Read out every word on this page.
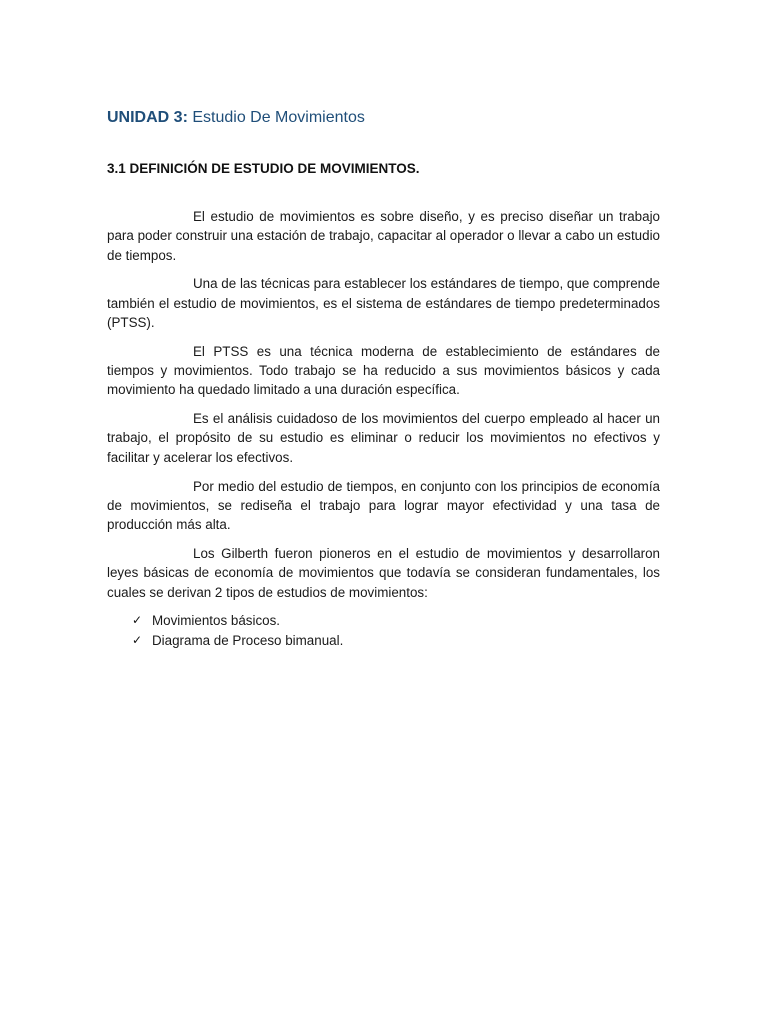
UNIDAD 3: Estudio De Movimientos
3.1 DEFINICIÓN DE ESTUDIO DE MOVIMIENTOS.

El estudio de movimientos es sobre diseño, y es preciso diseñar un trabajo para poder construir una estación de trabajo, capacitar al operador o llevar a cabo un estudio de tiempos.

Una de las técnicas para establecer los estándares de tiempo, que comprende también el estudio de movimientos, es el sistema de estándares de tiempo predeterminados (PTSS).

El PTSS es una técnica moderna de establecimiento de estándares de tiempos y movimientos. Todo trabajo se ha reducido a sus movimientos básicos y cada movimiento ha quedado limitado a una duración específica.

Es el análisis cuidadoso de los movimientos del cuerpo empleado al hacer un trabajo, el propósito de su estudio es eliminar o reducir los movimientos no efectivos y facilitar y acelerar los efectivos.

Por medio del estudio de tiempos, en conjunto con los principios de economía de movimientos, se rediseña el trabajo para lograr mayor efectividad y una tasa de producción más alta.

Los Gilberth fueron pioneros en el estudio de movimientos y desarrollaron leyes básicas de economía de movimientos que todavía se consideran fundamentales, los cuales se derivan 2 tipos de estudios de movimientos:

✓ Movimientos básicos.
✓ Diagrama de Proceso bimanual.
